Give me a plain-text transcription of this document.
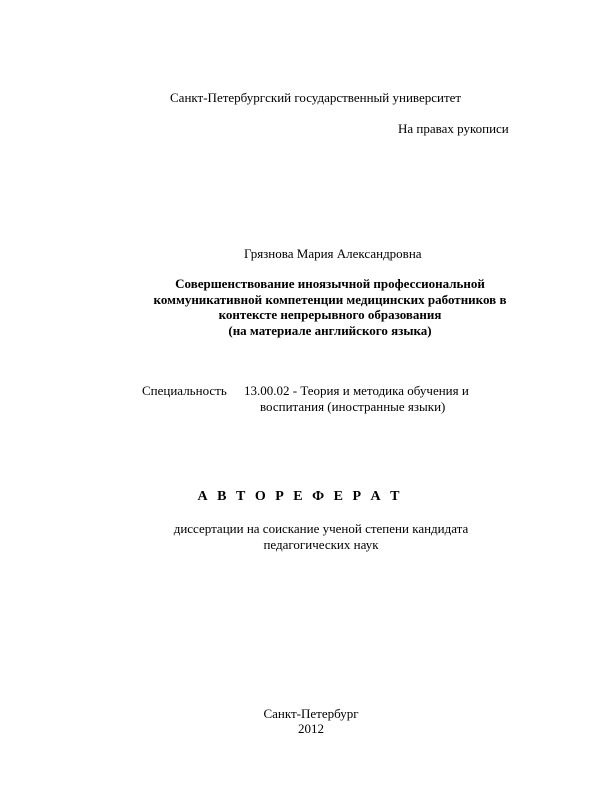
Санкт-Петербургский государственный университет
На правах рукописи
Грязнова Мария Александровна
Совершенствование иноязычной профессиональной
коммуникативной компетенции медицинских работников в
контексте непрерывного образования
(на материале английского языка)
Специальность 13.00.02 - Теория и методика обучения и
воспитания (иностранные языки)
А В Т О Р Е Ф Е Р А Т
диссертации на соискание ученой степени кандидата
педагогических наук
Санкт-Петербург
2012
